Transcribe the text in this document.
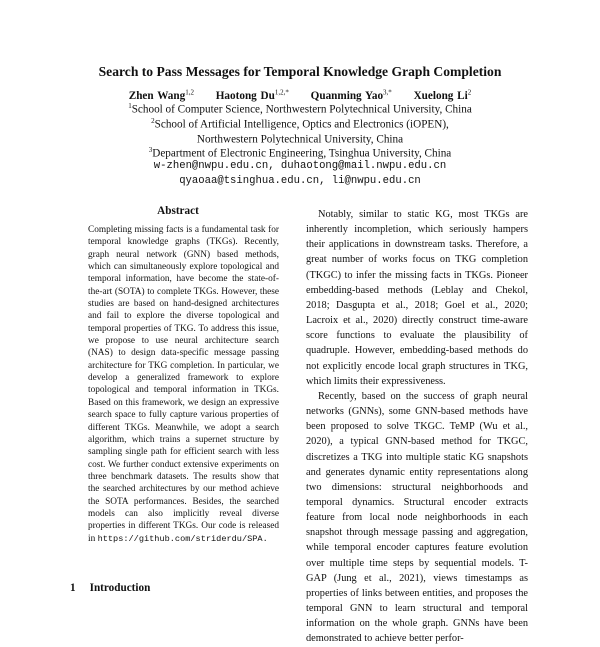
Search to Pass Messages for Temporal Knowledge Graph Completion
Zhen Wang$^{1,2}$ Haotong $Du^{1,2,*}$ Quanming Yao$^{3,*}$ Xuelong Li$^2$
$^1$School of Computer Science, Northwestern Polytechnical University, China
$^2$School of Artificial Intelligence, Optics and Electronics (iOPEN),
Northwestern Polytechnical University, China
$^3$Department of Electronic Engineering, Tsinghua University, China
w-zhen@nwpu.edu.cn, duhaotong@mail.nwpu.edu.cn
qyaoaa@tsinghua.edu.cn, li@nwpu.edu.cn
Abstract
Completing missing facts is a fundamental task for temporal knowledge graphs (TKGs). Recently, graph neural network (GNN) based methods, which can simultaneously explore topological and temporal information, have become the state-of-the-art (SOTA) to complete TKGs. However, these studies are based on hand-designed architectures and fail to explore the diverse topological and temporal properties of TKG. To address this issue, we propose to use neural architecture search (NAS) to design data-specific message passing architecture for TKG completion. In particular, we develop a generalized framework to explore topological and temporal information in TKGs. Based on this framework, we design an expressive search space to fully capture various properties of different TKGs. Meanwhile, we adopt a search algorithm, which trains a supernet structure by sampling single path for efficient search with less cost. We further conduct extensive experiments on three benchmark datasets. The results show that the searched architectures by our method achieve the SOTA performances. Besides, the searched models can also implicitly reveal diverse properties in different TKGs. Our code is released in https://github.com/striderdu/SPA.
1 Introduction

Notably, similar to static KG, most TKGs are inherently incompletion, which seriously hampers their applications in downstream tasks. Therefore, a great number of works focus on TKG completion (TKGC) to infer the missing facts in TKGs. Pioneer embedding-based methods (Leblay and Chekol, 2018; Dasgupta et al., 2018; Goel et al., 2020; Lacroix et al., 2020) directly construct time-aware score functions to evaluate the plausibility of quadruple. However, embedding-based methods do not explicitly encode local graph structures in TKG, which limits their expressiveness.

Recently, based on the success of graph neural networks (GNNs), some GNN-based methods have been proposed to solve TKGC. TeMP (Wu et al., 2020), a typical GNN-based method for TKGC, discretizes a TKG into multiple static KG snapshots and generates dynamic entity representations along two dimensions: structural neighborhoods and temporal dynamics. Structural encoder extracts feature from local node neighborhoods in each snapshot through message passing and aggregation, while temporal encoder captures feature evolution over multiple time steps by sequential models. T-GAP (Jung et al., 2021), views timestamps as properties of links between entities, and proposes the temporal GNN to learn structural and temporal information on the whole graph. GNNs have been demonstrated to achieve better perfor-
